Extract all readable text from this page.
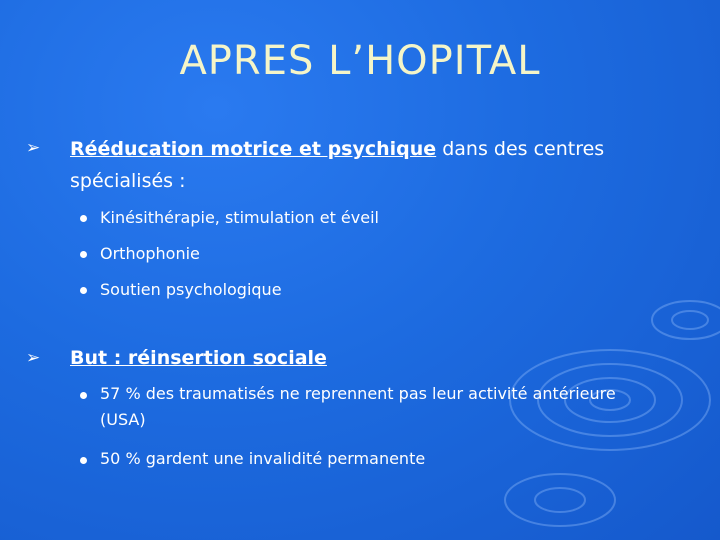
APRES L’HOPITAL
➢ Rééducation motrice et psychique dans des centres spécialisés :
Kinésithérapie, stimulation et éveil
Orthophonie
Soutien psychologique
➢ But : réinsertion sociale
57 % des traumatisés ne reprennent pas leur activité antérieure (USA)
50 % gardent une invalidité permanente
